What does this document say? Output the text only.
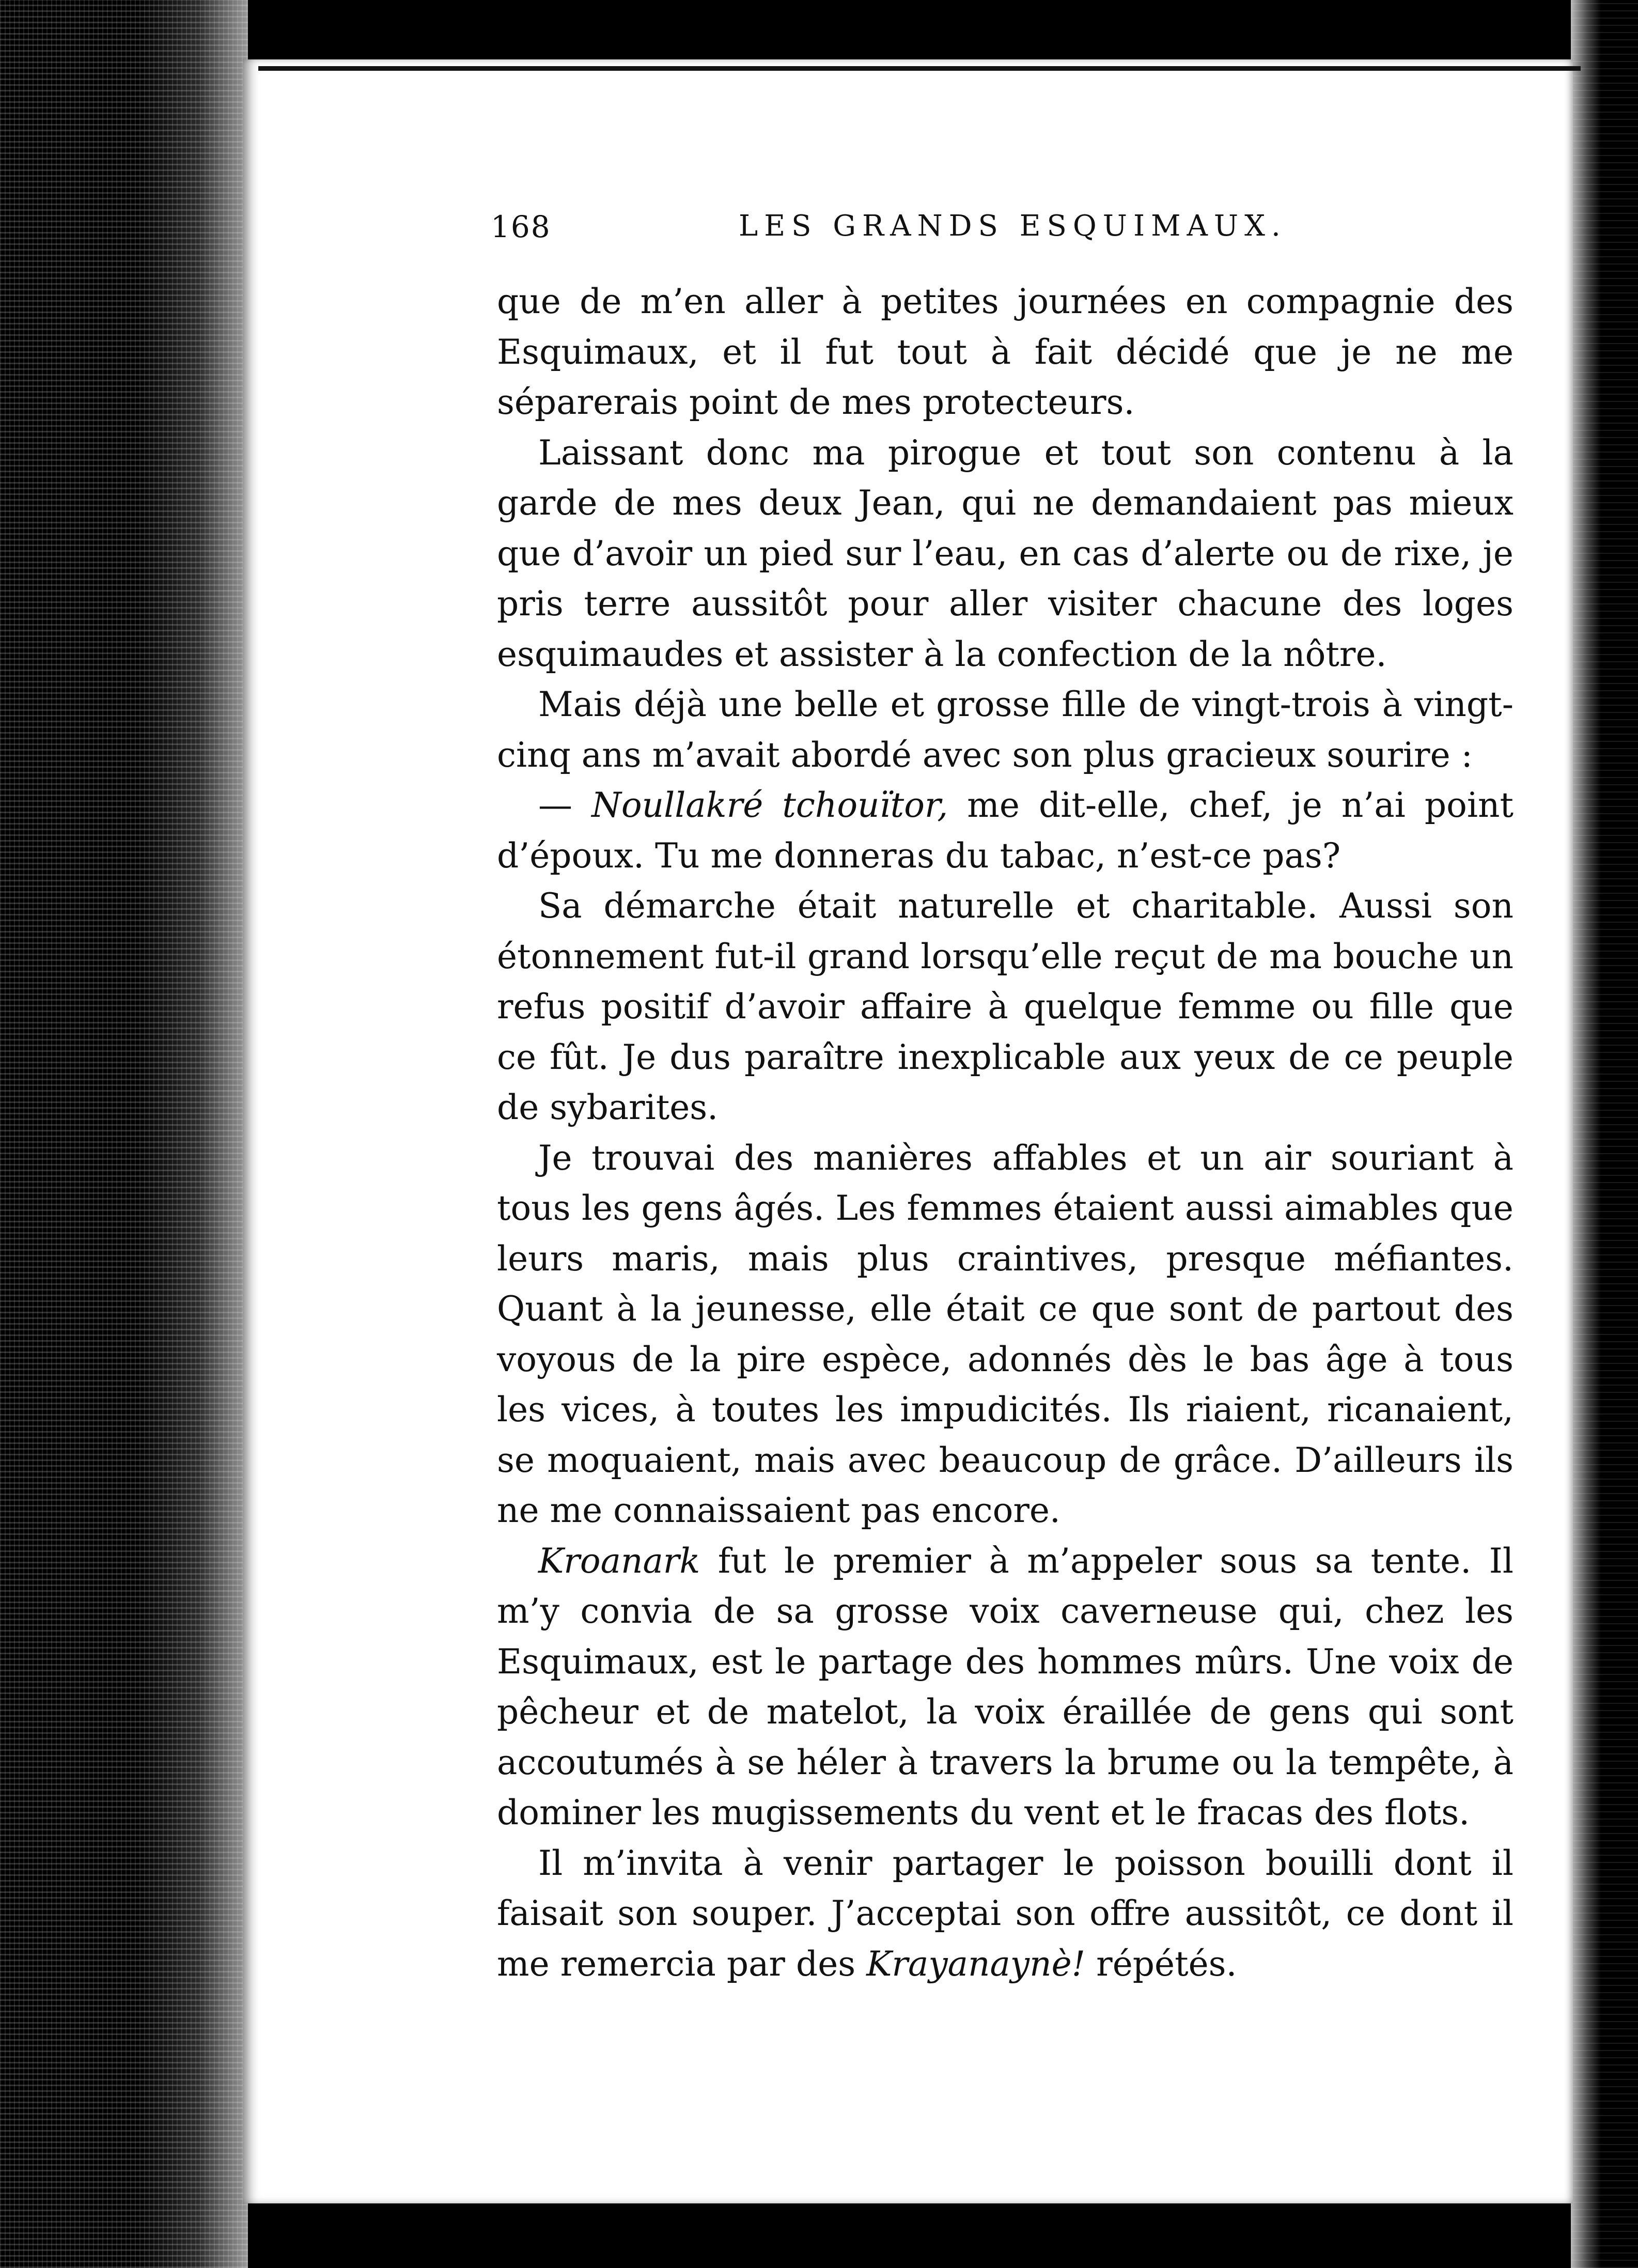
168	LES GRANDS ESQUIMAUX.

que de m’en aller à petites journées en compagnie des Esquimaux, et il fut tout à fait décidé que je ne me séparerais point de mes protecteurs.

Laissant donc ma pirogue et tout son contenu à la garde de mes deux Jean, qui ne demandaient pas mieux que d’avoir un pied sur l’eau, en cas d’alerte ou de rixe, je pris terre aussitôt pour aller visiter chacune des loges esquimaudes et assister à la confection de la nôtre.

Mais déjà une belle et grosse fille de vingt-trois à vingt-cinq ans m’avait abordé avec son plus gracieux sourire :

— Noullakré tchouïtor, me dit-elle, chef, je n’ai point d’époux. Tu me donneras du tabac, n’est-ce pas?

Sa démarche était naturelle et charitable. Aussi son étonnement fut-il grand lorsqu’elle reçut de ma bouche un refus positif d’avoir affaire à quelque femme ou fille que ce fût. Je dus paraître inexplicable aux yeux de ce peuple de sybarites.

Je trouvai des manières affables et un air souriant à tous les gens âgés. Les femmes étaient aussi aimables que leurs maris, mais plus craintives, presque méfiantes. Quant à la jeunesse, elle était ce que sont de partout des voyous de la pire espèce, adonnés dès le bas âge à tous les vices, à toutes les impudicités. Ils riaient, ricanaient, se moquaient, mais avec beaucoup de grâce. D’ailleurs ils ne me connaissaient pas encore.

Kroanark fut le premier à m’appeler sous sa tente. Il m’y convia de sa grosse voix caverneuse qui, chez les Esquimaux, est le partage des hommes mûrs. Une voix de pêcheur et de matelot, la voix éraillée de gens qui sont accoutumés à se héler à travers la brume ou la tempête, à dominer les mugissements du vent et le fracas des flots.

Il m’invita à venir partager le poisson bouilli dont il faisait son souper. J’acceptai son offre aussitôt, ce dont il me remercia par des Krayanaynè! répétés.
